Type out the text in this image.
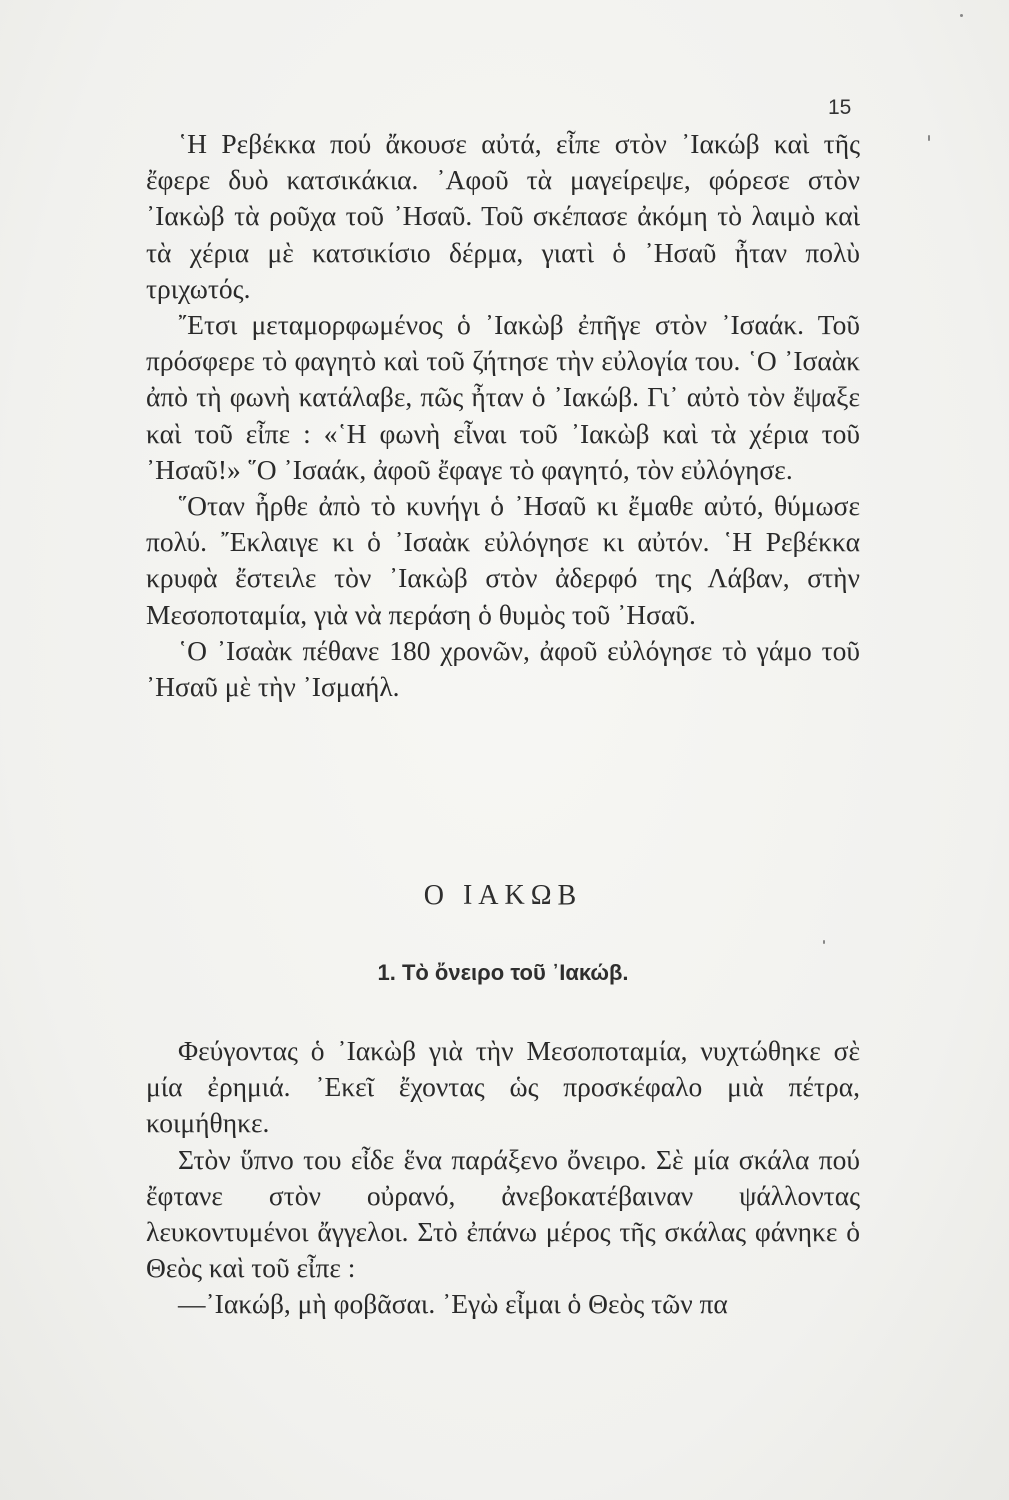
15

῾Η Ρεβέκκα πού ἄκουσε αὐτά, εἶπε στὸν ᾿Ιακώβ καὶ τῆς ἔφερε δυὸ κατσικάκια. ᾿Αφοῦ τὰ μαγείρεψε, φόρεσε στὸν ᾿Ιακὼβ τὰ ροῦχα τοῦ ᾿Ησαῦ. Τοῦ σκέπασε ἀκόμη τὸ λαιμὸ καὶ τὰ χέρια μὲ κατσικίσιο δέρμα, γιατὶ ὁ ᾿Ησαῦ ἦταν πολὺ τριχωτός.

῎Ετσι μεταμορφωμένος ὁ ᾿Ιακὼβ ἐπῆγε στὸν ᾿Ισαάκ. Τοῦ πρόσφερε τὸ φαγητὸ καὶ τοῦ ζήτησε τὴν εὐλογία του. ῾Ο ᾿Ισαὰκ ἀπὸ τὴ φωνὴ κατάλαβε, πῶς ἦταν ὁ ᾿Ιακώβ. Γι᾿ αὐτὸ τὸν ἔψαξε καὶ τοῦ εἶπε : «῾Η φωνὴ εἶναι τοῦ ᾿Ιακὼβ καὶ τὰ χέρια τοῦ ᾿Ησαῦ!» ῞Ο ᾿Ισαάκ, ἀφοῦ ἔφαγε τὸ φαγητό, τὸν εὐλόγησε.

῞Οταν ἦρθε ἀπὸ τὸ κυνήγι ὁ ᾿Ησαῦ κι ἔμαθε αὐτό, θύμωσε πολύ. ῎Εκλαιγε κι ὁ ᾿Ισαὰκ εὐλόγησε κι αὐτόν. ῾Η Ρεβέκκα κρυφὰ ἔστειλε τὸν ᾿Ιακὼβ στὸν ἀδερφό της Λάβαν, στὴν Μεσοποταμία, γιὰ νὰ περάση ὁ θυμὸς τοῦ ᾿Ησαῦ.

῾Ο ᾿Ισαὰκ πέθανε 180 χρονῶν, ἀφοῦ εὐλόγησε τὸ γάμο τοῦ ᾿Ησαῦ μὲ τὴν ᾿Ισμαήλ.

Ο ΙΑΚΩΒ
1. Τὸ ὄνειρο τοῦ ᾿Ιακώβ.

Φεύγοντας ὁ ᾿Ιακὼβ γιὰ τὴν Μεσοποταμία, νυχτώθηκε σὲ μία ἐρημιά. ᾿Εκεῖ ἔχοντας ὡς προσκέφαλο μιὰ πέτρα, κοιμήθηκε.

Στὸν ὕπνο του εἶδε ἕνα παράξενο ὄνειρο. Σὲ μία σκάλα πού ἔφτανε στὸν οὐρανό, ἀνεβοκατέβαιναν ψάλλοντας λευκοντυμένοι ἄγγελοι. Στὸ ἐπάνω μέρος τῆς σκάλας φάνηκε ὁ Θεὸς καὶ τοῦ εἶπε :

—᾿Ιακώβ, μὴ φοβᾶσαι. ᾿Εγὼ εἶμαι ὁ Θεὸς τῶν πα
